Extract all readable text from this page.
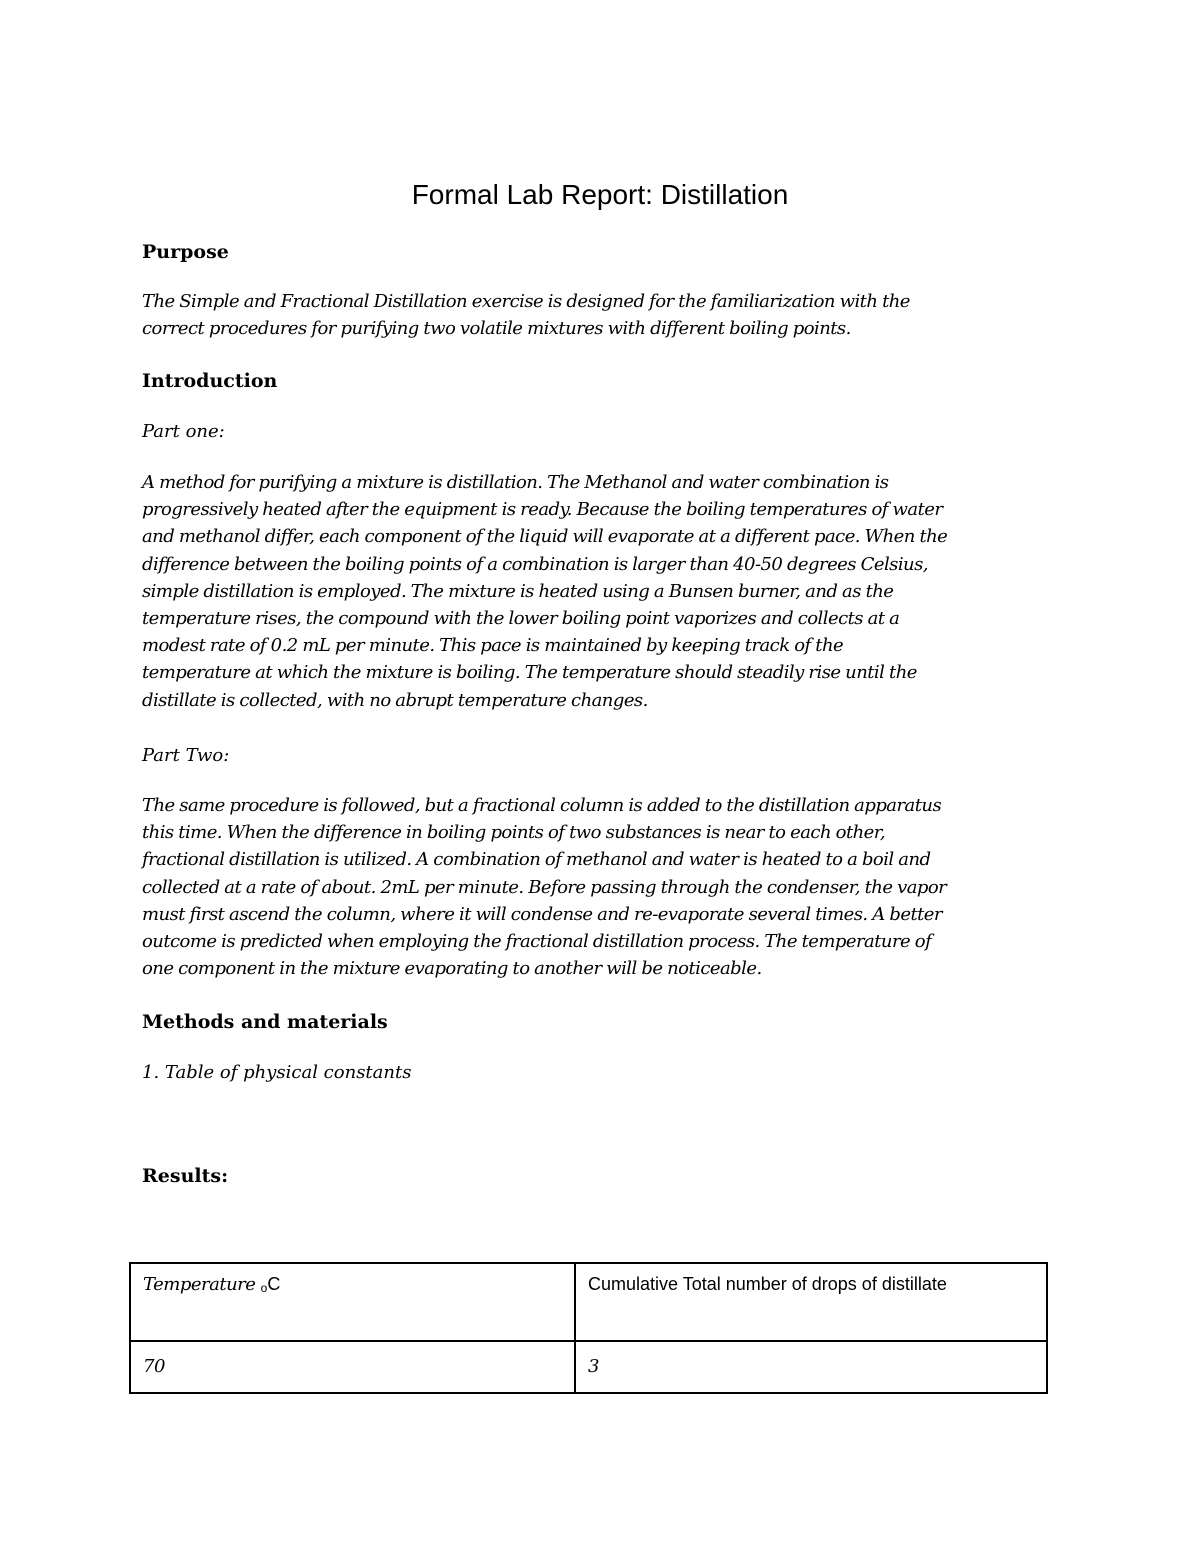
Formal Lab Report: Distillation
Purpose

The Simple and Fractional Distillation exercise is designed for the familiarization with the
correct procedures for purifying two volatile mixtures with different boiling points.

Introduction

Part one:

A method for purifying a mixture is distillation. The Methanol and water combination is
progressively heated after the equipment is ready. Because the boiling temperatures of water
and methanol differ, each component of the liquid will evaporate at a different pace. When the
difference between the boiling points of a combination is larger than 40-50 degrees Celsius,
simple distillation is employed. The mixture is heated using a Bunsen burner, and as the
temperature rises, the compound with the lower boiling point vaporizes and collects at a
modest rate of 0.2 mL per minute. This pace is maintained by keeping track of the
temperature at which the mixture is boiling. The temperature should steadily rise until the
distillate is collected, with no abrupt temperature changes.

Part Two:

The same procedure is followed, but a fractional column is added to the distillation apparatus
this time. When the difference in boiling points of two substances is near to each other,
fractional distillation is utilized. A combination of methanol and water is heated to a boil and
collected at a rate of about. 2mL per minute. Before passing through the condenser, the vapor
must first ascend the column, where it will condense and re-evaporate several times. A better
outcome is predicted when employing the fractional distillation process. The temperature of
one component in the mixture evaporating to another will be noticeable.

Methods and materials

1. Table of physical constants

Results:
Temperature oC	Cumulative Total number of drops of distillate
70	3
